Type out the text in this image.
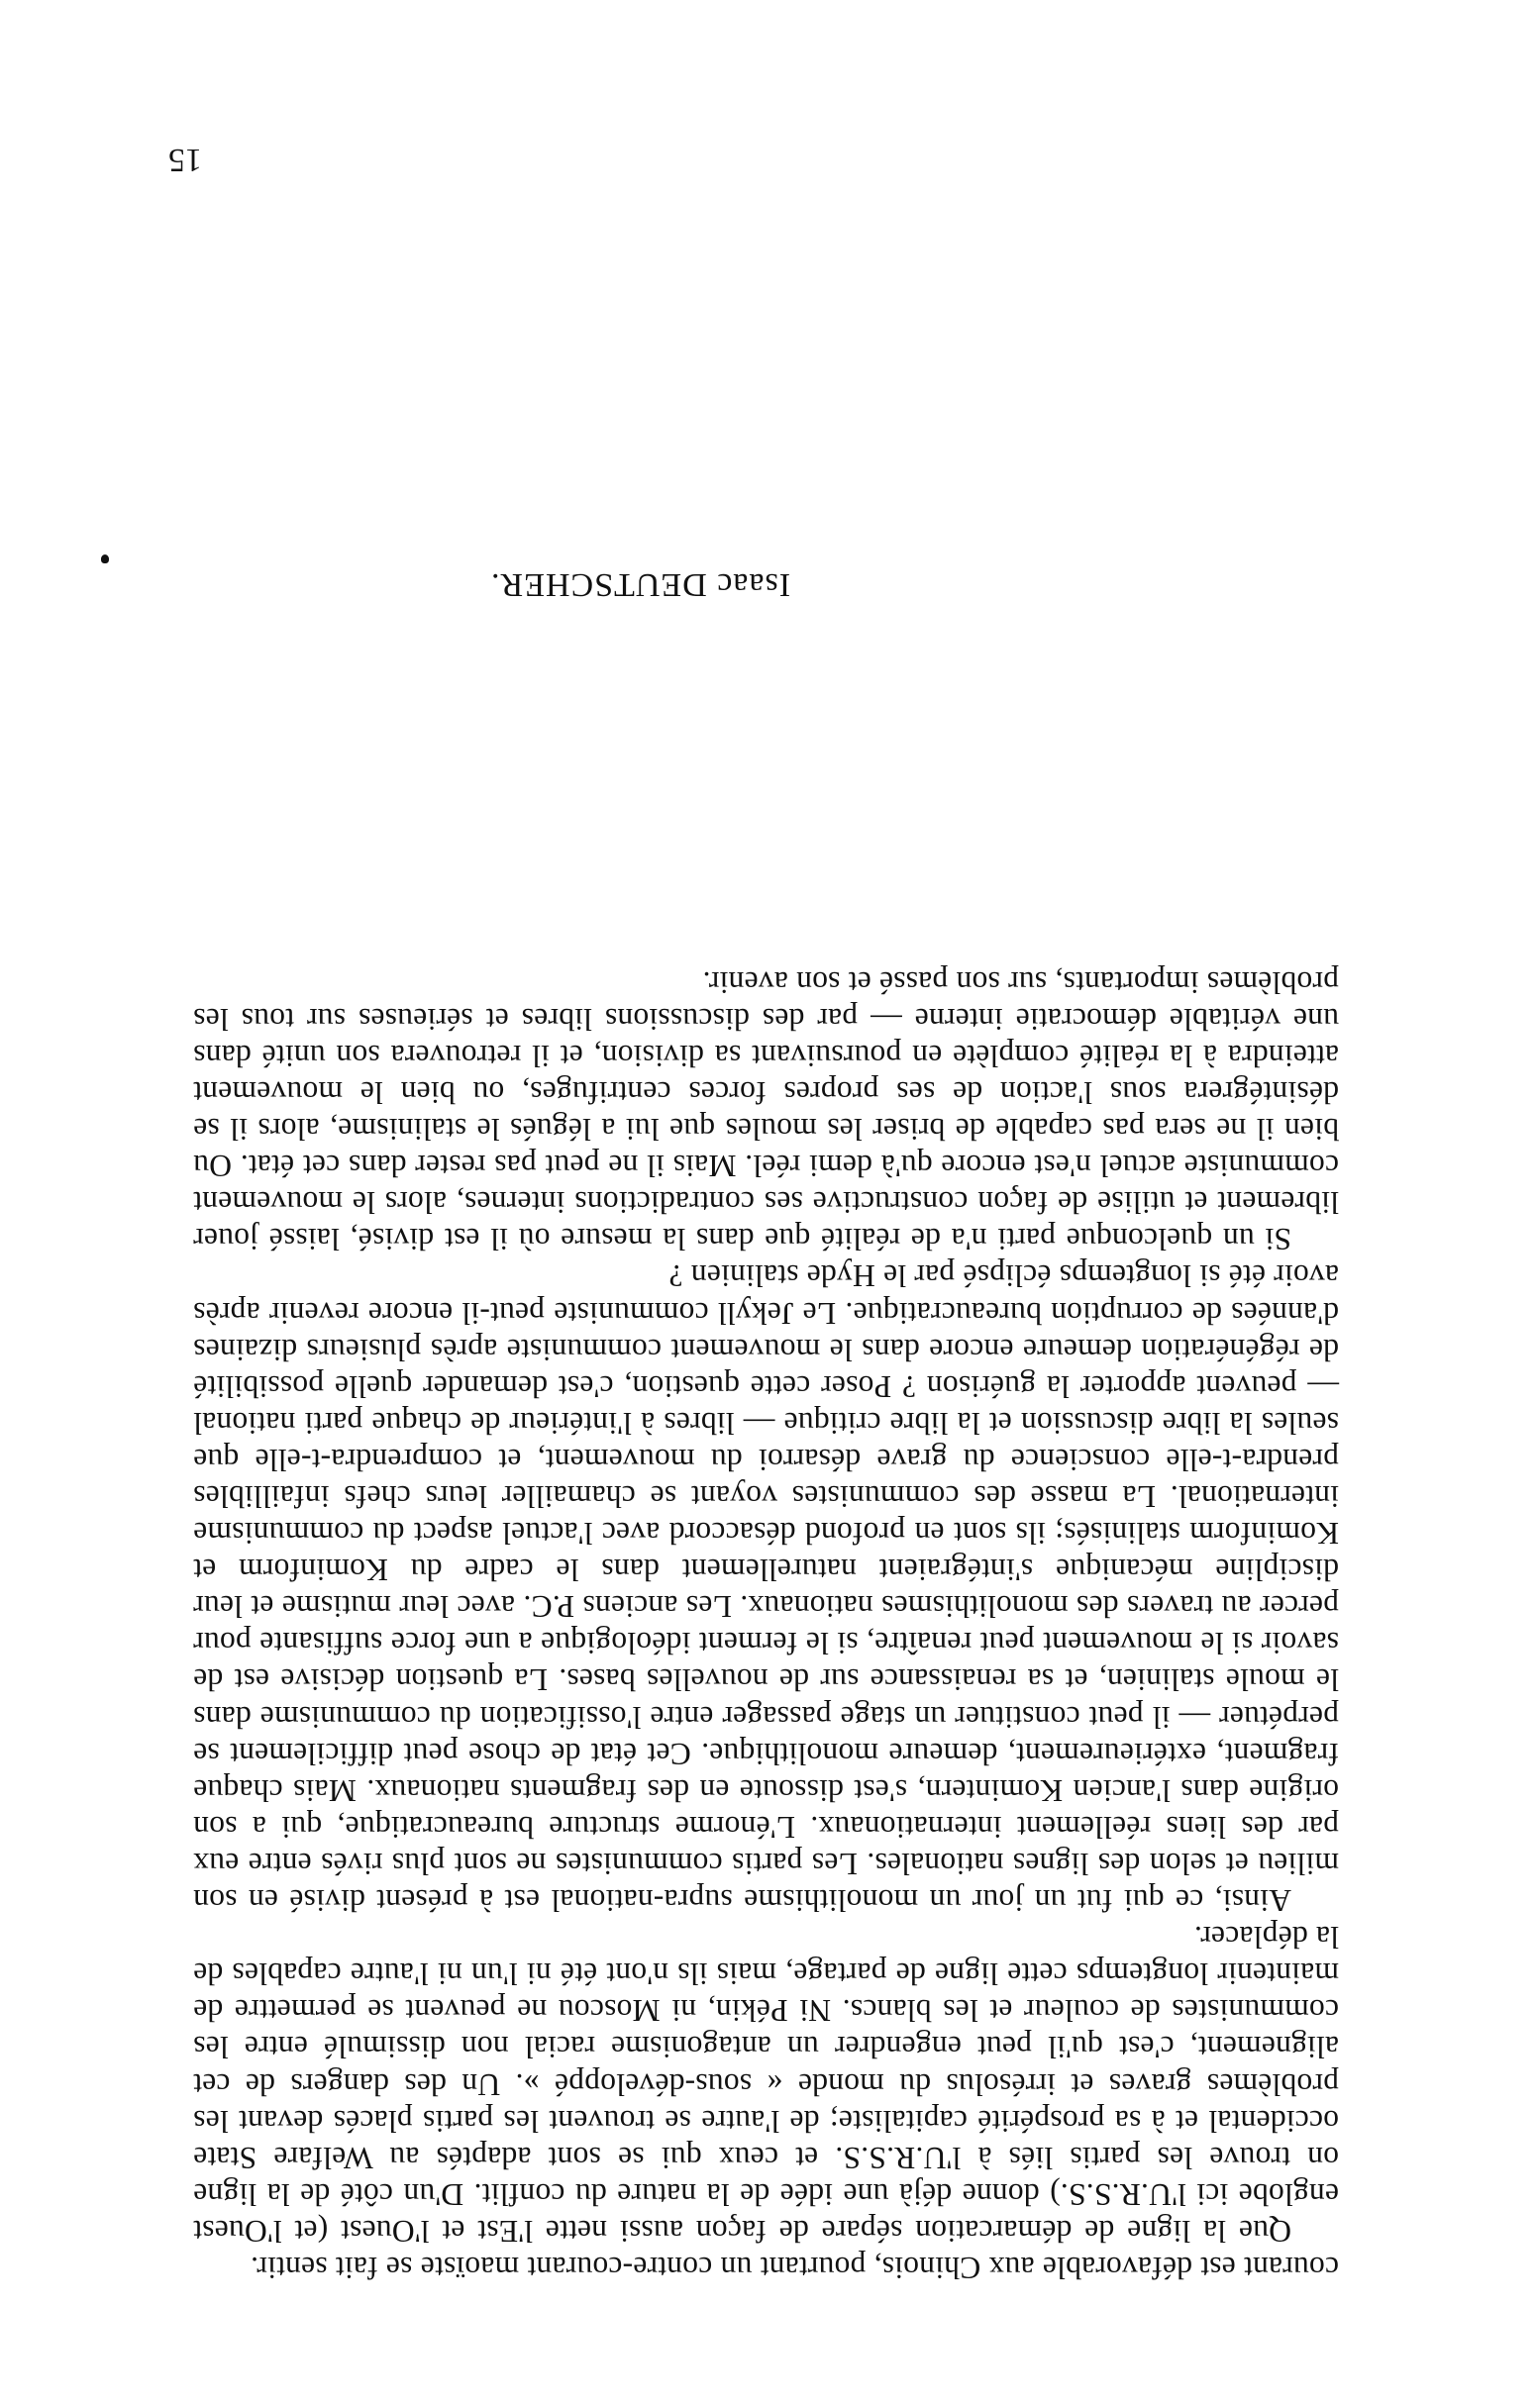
courant est défavorable aux Chinois, pourtant un contre-courant maoïste se fait sentir.

Que la ligne de démarcation sépare de façon aussi nette l'Est et l'Ouest (et l'Ouest englobe ici l'U.R.S.S.) donne déjà une idée de la nature du conflit. D'un côté de la ligne on trouve les partis liés à l'U.R.S.S. et ceux qui se sont adaptés au Welfare State occidental et à sa prospérité capitaliste; de l'autre se trouvent les partis placés devant les problèmes graves et irrésolus du monde « sous-développé ». Un des dangers de cet alignement, c'est qu'il peut engendrer un antagonisme racial non dissimulé entre les communistes de couleur et les blancs. Ni Pékin, ni Moscou ne peuvent se permettre de maintenir longtemps cette ligne de partage, mais ils n'ont été ni l'un ni l'autre capables de la déplacer.

Ainsi, ce qui fut un jour un monolithisme supra-national est à présent divisé en son milieu et selon des lignes nationales. Les partis communistes ne sont plus rivés entre eux par des liens réellement internationaux. L'énorme structure bureaucratique, qui a son origine dans l'ancien Komintern, s'est dissoute en des fragments nationaux. Mais chaque fragment, extérieurement, demeure monolithique. Cet état de chose peut difficilement se perpétuer — il peut constituer un stage passager entre l'ossification du communisme dans le moule stalinien, et sa renaissance sur de nouvelles bases. La question décisive est de savoir si le mouvement peut renaître, si le ferment idéologique a une force suffisante pour percer au travers des monolithismes nationaux. Les anciens P.C. avec leur mutisme et leur discipline mécanique s'intégraient naturellement dans le cadre du Kominform et Kominform stalinisés; ils sont en profond désaccord avec l'actuel aspect du communisme international. La masse des communistes voyant se chamailler leurs chefs infaillibles prendra-t-elle conscience du grave désarroi du mouvement, et comprendra-t-elle que seules la libre discussion et la libre critique — libres à l'intérieur de chaque parti national — peuvent apporter la guérison ? Poser cette question, c'est demander quelle possibilité de régénération demeure encore dans le mouvement communiste après plusieurs dizaines d'années de corruption bureaucratique. Le Jekyll communiste peut-il encore revenir après avoir été si longtemps éclipsé par le Hyde stalinien ?

Si un quelconque parti n'a de réalité que dans la mesure où il est divisé, laissé jouer librement et utilise de façon constructive ses contradictions internes, alors le mouvement communiste actuel n'est encore qu'à demi réel. Mais il ne peut pas rester dans cet état. Ou bien il ne sera pas capable de briser les moules que lui a légués le stalinisme, alors il se désintégrera sous l'action de ses propres forces centrifuges, ou bien le mouvement atteindra à la réalité complète en poursuivant sa division, et il retrouvera son unité dans une véritable démocratie interne — par des discussions libres et sérieuses sur tous les problèmes importants, sur son passé et son avenir.

Isaac DEUTSCHER.
15
